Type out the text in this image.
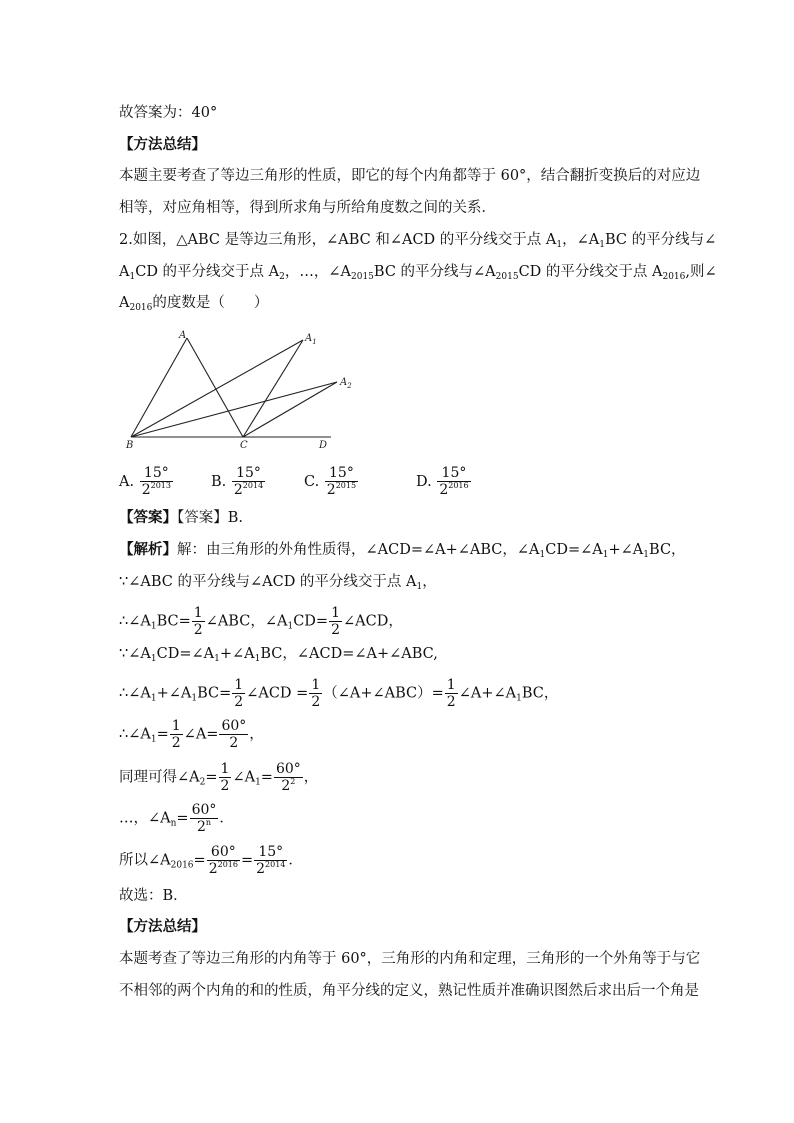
故答案为：40°
【方法总结】
本题主要考查了等边三角形的性质，即它的每个内角都等于 60°，结合翻折变换后的对应边
相等，对应角相等，得到所求角与所给角度数之间的关系．
2.如图，△ABC 是等边三角形，∠ABC 和∠ACD 的平分线交于点 $A_1$，$\angle A_1BC$ 的平分线与∠
$A_1CD$ 的平分线交于点 $A_2$，…，$\angle A_{2015}BC$ 的平分线与$\angle A_{2015}CD$ 的平分线交于点 $A_{2016}$,则∠
$A_{2016}$的度数是（　　）
A	$A_1$
$A_2$
B	C	D
A. $\frac{15^\circ}{2^{2013}}$	B. $\frac{15^\circ}{2^{2014}}$	C. $\frac{15^\circ}{2^{2015}}$	D. $\frac{15^\circ}{2^{2016}}$
【答案】【答案】B.
【解析】解：由三角形的外角性质得，∠ACD=∠A+∠ABC，$\angle A_1CD=\angle A_1+\angle A_1BC$，
∵∠ABC 的平分线与∠ACD 的平分线交于点 $A_1$，
$\therefore\angle A_1BC= \frac{1}{2}$ ∠ABC，$\angle A_1CD= \frac{1}{2}$ ∠ACD，
$\because\angle A_1CD=\angle A_1+\angle A_1BC$，∠ACD=∠A+∠ABC,
$\therefore\angle A_1+\angle A_1BC= \frac{1}{2}$ ∠ACD = $\frac{1}{2}$ （∠A+∠ABC）= $\frac{1}{2}$ $\angle A+\angle A_1BC$，
$\therefore\angle A_1= \frac{1}{2}$ ∠A= $\frac{60^\circ}{2}$ ，
同理可得$\angle A_2= \frac{1}{2}$ $\angle A_1= \frac{60^\circ}{2^2}$ ，
…，$\angle A_n= \frac{60^\circ}{2^n}$ ．
所以$\angle A_{2016}= \frac{60^\circ}{2^{2016}} = \frac{15^\circ}{2^{2014}}$ ．
故选：B．
【方法总结】
本题考查了等边三角形的内角等于 60°，三角形的内角和定理，三角形的一个外角等于与它
不相邻的两个内角的和的性质，角平分线的定义，熟记性质并准确识图然后求出后一个角是
